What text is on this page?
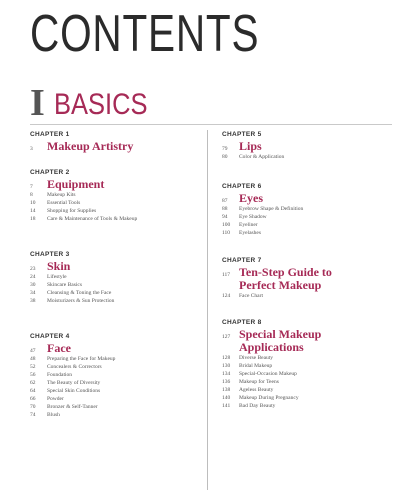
CONTENTS
I BASICS
CHAPTER 1
3	Makeup Artistry
CHAPTER 2
7	Equipment
8	Makeup Kits
10	Essential Tools
14	Shopping for Supplies
18	Care & Maintenance of Tools & Makeup
CHAPTER 3
23 Skin
24	Lifestyle
30	Skincare Basics
34	Cleansing & Toning the Face
38	Moisturizers & Sun Protection
CHAPTER 4
47 Face
48	Preparing the Face for Makeup
52	Concealers & Correctors
56	Foundation
62	The Beauty of Diversity
64	Special Skin Conditions
66	Powder
70	Bronzer & Self-Tanner
74	Blush
CHAPTER 5
79 Lips
80	Color & Application
CHAPTER 6
87 Eyes
88	Eyebrow Shape & Definition
94	Eye Shadow
100	Eyeliner
110	Eyelashes
CHAPTER 7
117 Ten-Step Guide to Perfect Makeup
124	Face Chart
CHAPTER 8
127 Special Makeup Applications
128	Diverse Beauty
130	Bridal Makeup
134	Special-Occasion Makeup
136	Makeup for Teens
138	Ageless Beauty
140	Makeup During Pregnancy
141	Bad Day Beauty
